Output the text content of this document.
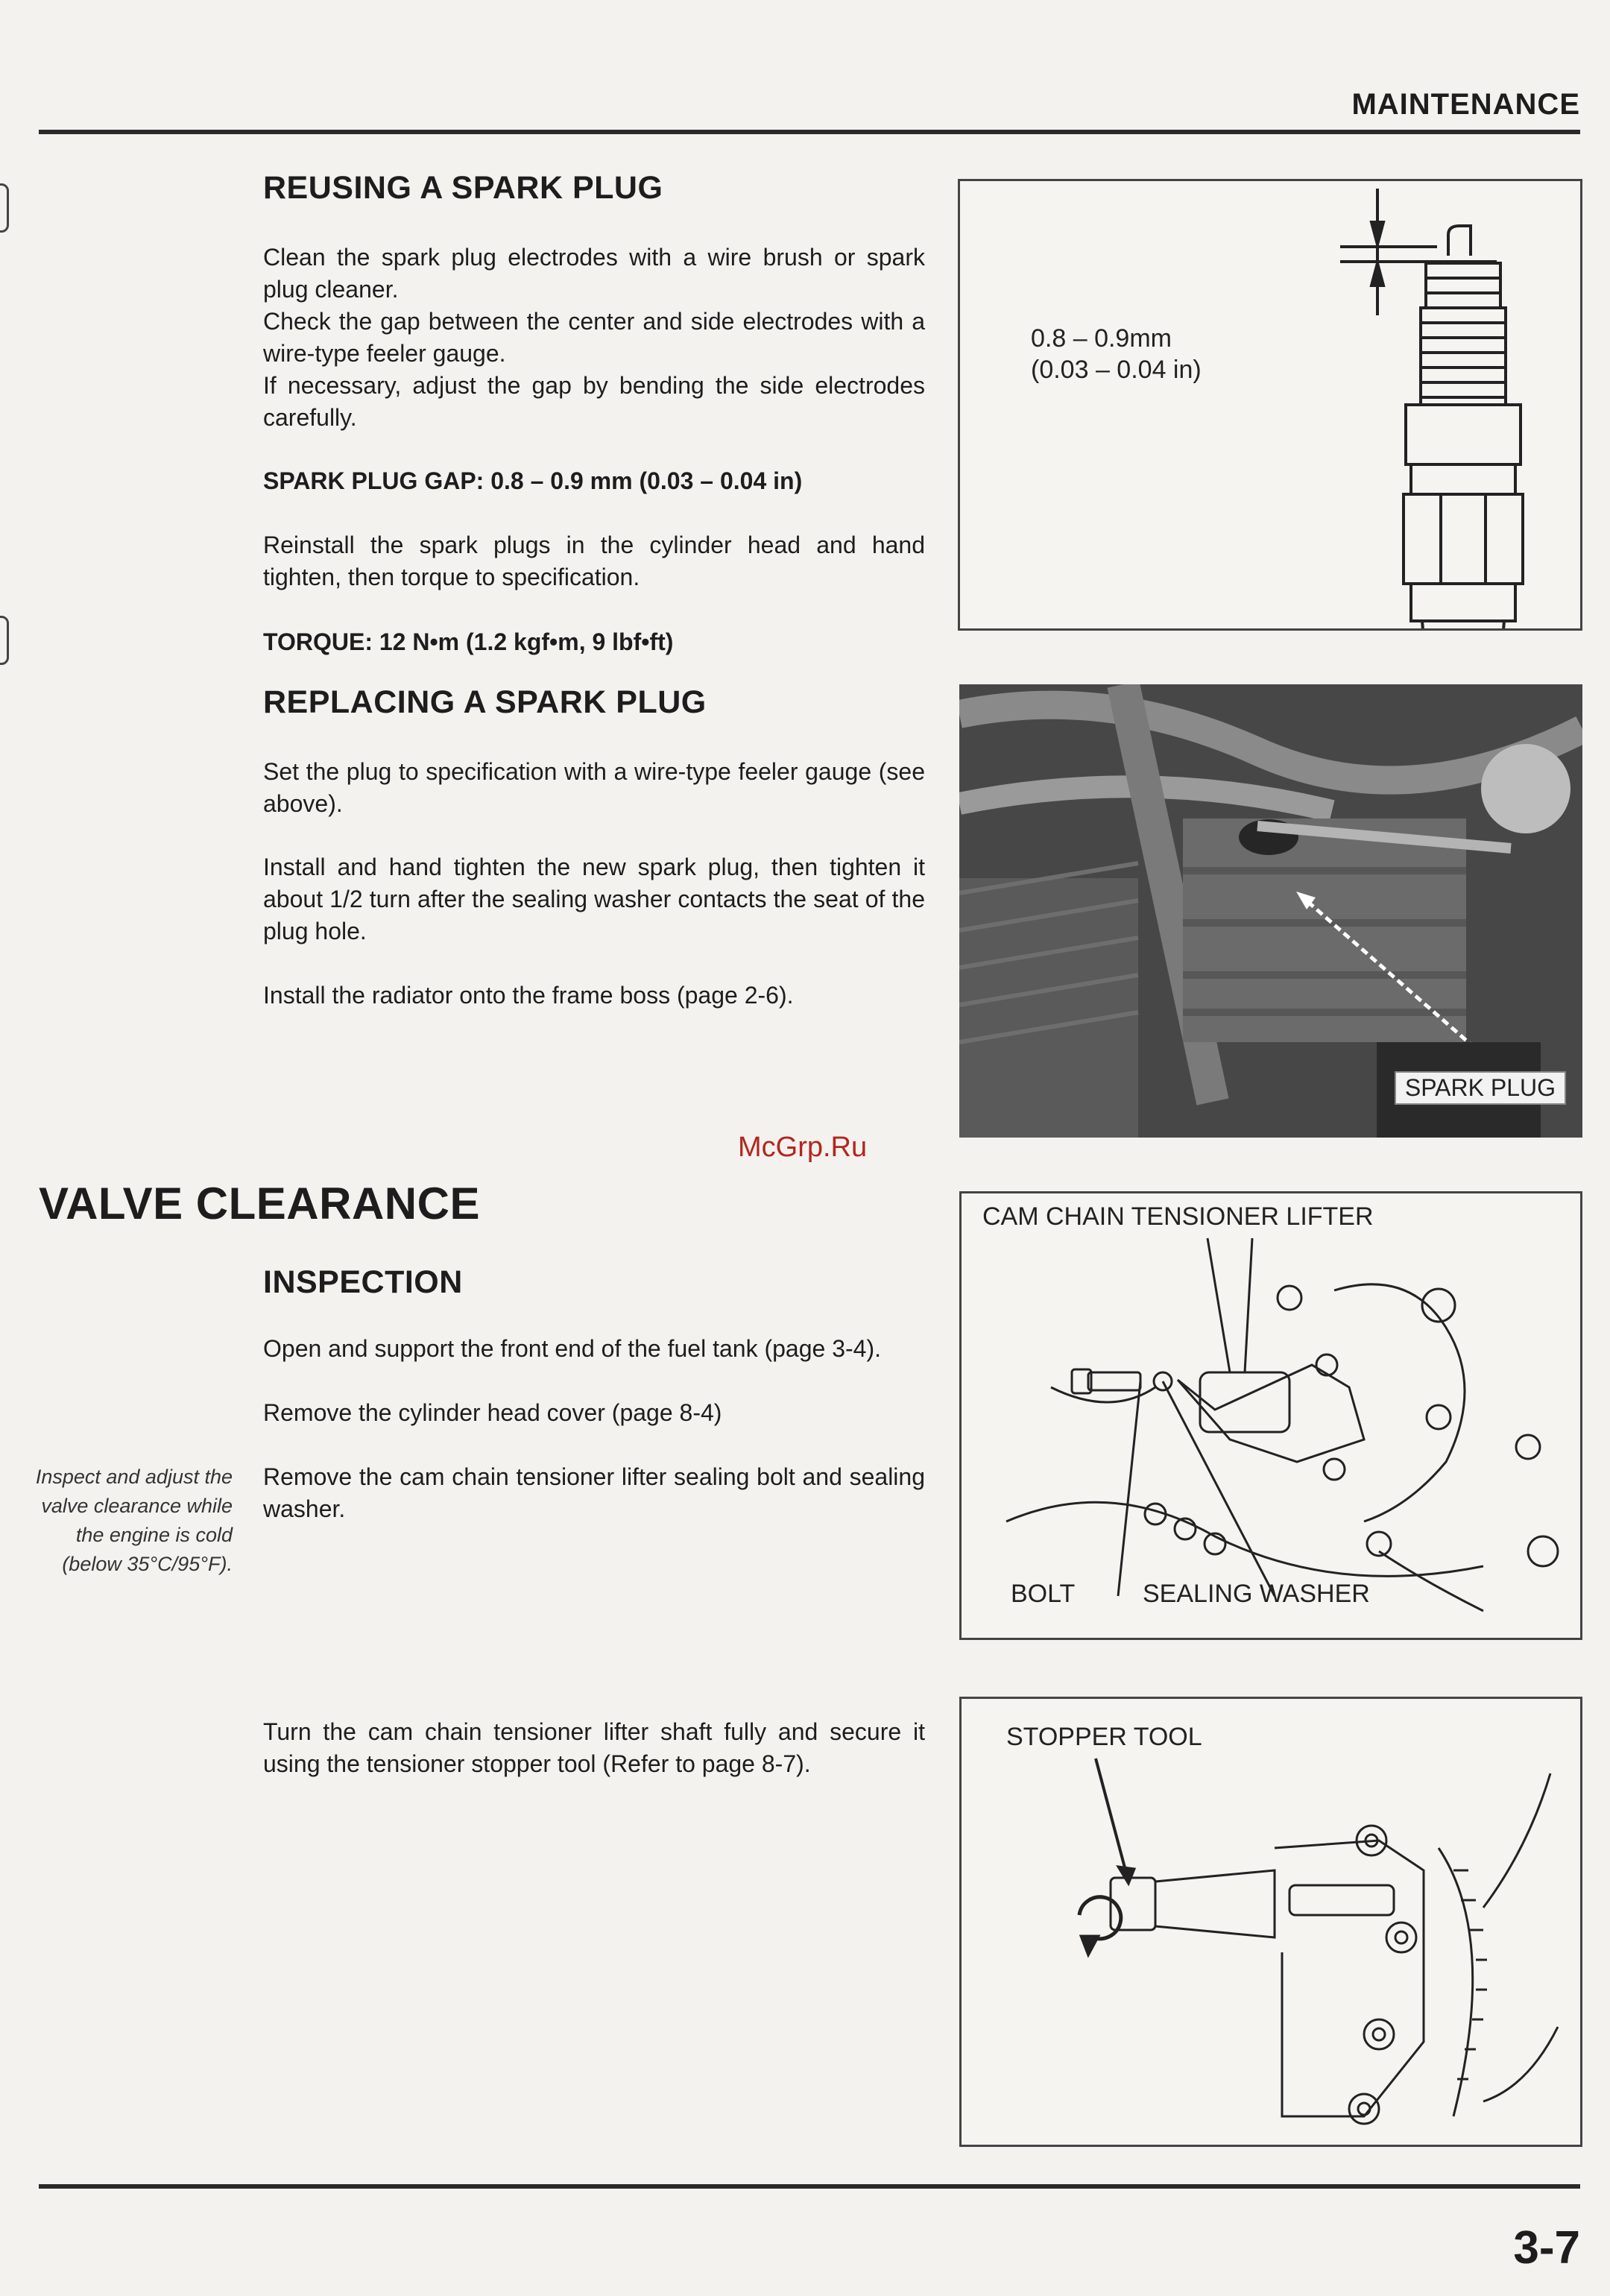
MAINTENANCE
REUSING A SPARK PLUG

Clean the spark plug electrodes with a wire brush or spark plug cleaner.

Check the gap between the center and side electrodes with a wire-type feeler gauge.

If necessary, adjust the gap by bending the side electrodes carefully.

SPARK PLUG GAP: 0.8 – 0.9 mm (0.03 – 0.04 in)

Reinstall the spark plugs in the cylinder head and hand tighten, then torque to specification.

TORQUE: 12 N•m (1.2 kgf•m, 9 lbf•ft)

0.8 – 0.9mm
(0.03 – 0.04 in)
REPLACING A SPARK PLUG

Set the plug to specification with a wire-type feeler gauge (see above).

Install and hand tighten the new spark plug, then tighten it about 1/2 turn after the sealing washer contacts the seat of the plug hole.

Install the radiator onto the frame boss (page 2-6).

SPARK PLUG
McGrp.Ru
VALVE CLEARANCE
INSPECTION

Open and support the front end of the fuel tank (page 3-4).

Remove the cylinder head cover (page 8-4)

Remove the cam chain tensioner lifter sealing bolt and sealing washer.

Inspect and adjust the valve clearance while the engine is cold (below 35°C/95°F).
CAM CHAIN TENSIONER LIFTER
BOLT	SEALING WASHER

Turn the cam chain tensioner lifter shaft fully and secure it using the tensioner stopper tool (Refer to page 8-7).

STOPPER TOOL
3-7
